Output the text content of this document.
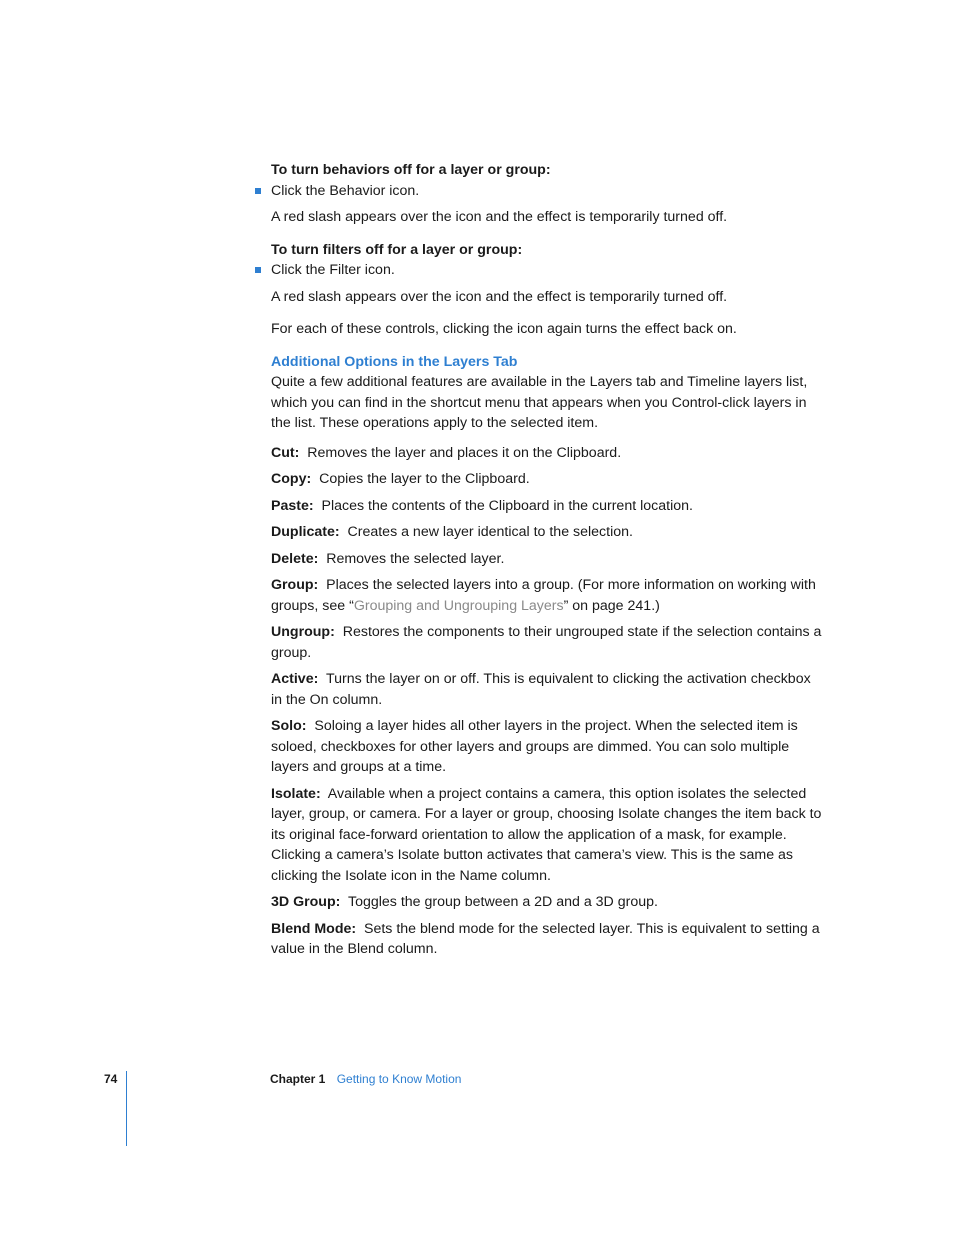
To turn behaviors off for a layer or group:

Click the Behavior icon.

A red slash appears over the icon and the effect is temporarily turned off.

To turn filters off for a layer or group:

Click the Filter icon.

A red slash appears over the icon and the effect is temporarily turned off.

For each of these controls, clicking the icon again turns the effect back on.

Additional Options in the Layers Tab

Quite a few additional features are available in the Layers tab and Timeline layers list, which you can find in the shortcut menu that appears when you Control-click layers in the list. These operations apply to the selected item.

Cut: Removes the layer and places it on the Clipboard.

Copy: Copies the layer to the Clipboard.

Paste: Places the contents of the Clipboard in the current location.

Duplicate: Creates a new layer identical to the selection.

Delete: Removes the selected layer.

Group: Places the selected layers into a group. (For more information on working with groups, see “Grouping and Ungrouping Layers” on page 241.)

Ungroup: Restores the components to their ungrouped state if the selection contains a group.

Active: Turns the layer on or off. This is equivalent to clicking the activation checkbox in the On column.

Solo: Soloing a layer hides all other layers in the project. When the selected item is soloed, checkboxes for other layers and groups are dimmed. You can solo multiple layers and groups at a time.

Isolate: Available when a project contains a camera, this option isolates the selected layer, group, or camera. For a layer or group, choosing Isolate changes the item back to its original face-forward orientation to allow the application of a mask, for example. Clicking a camera’s Isolate button activates that camera’s view. This is the same as clicking the Isolate icon in the Name column.

3D Group: Toggles the group between a 2D and a 3D group.

Blend Mode: Sets the blend mode for the selected layer. This is equivalent to setting a value in the Blend column.

74	Chapter 1 Getting to Know Motion
